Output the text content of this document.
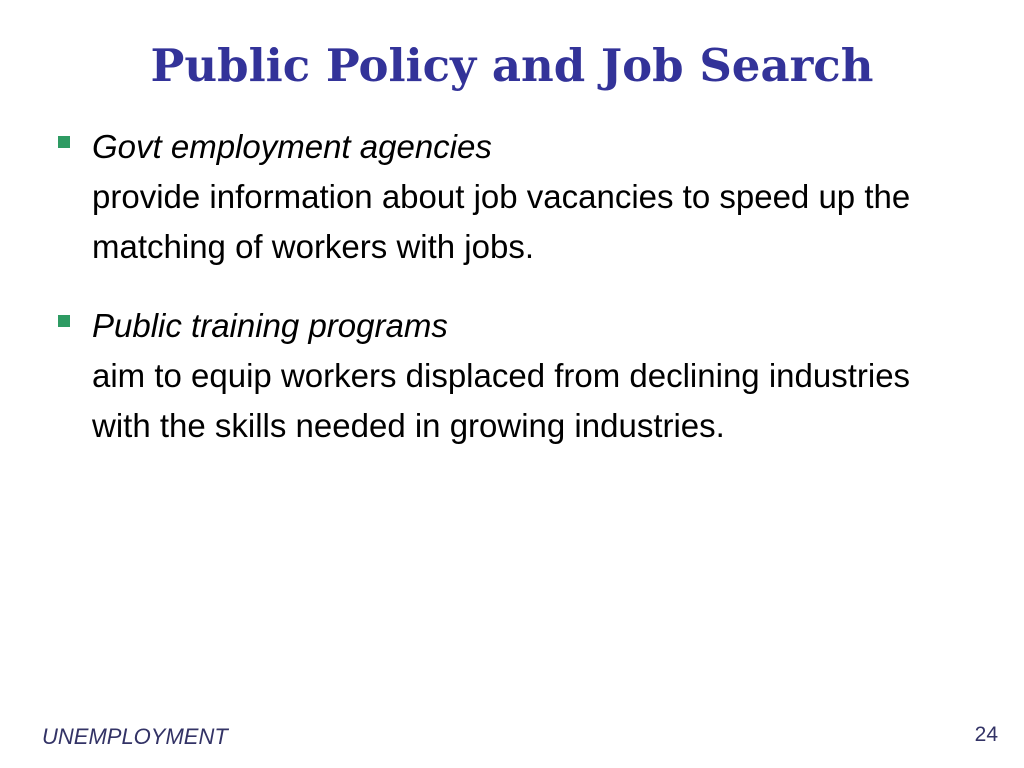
Public Policy and Job Search
Govt employment agencies
provide information about job vacancies to speed up the matching of workers with jobs.
Public training programs
aim to equip workers displaced from declining industries with the skills needed in growing industries.
UNEMPLOYMENT	24
